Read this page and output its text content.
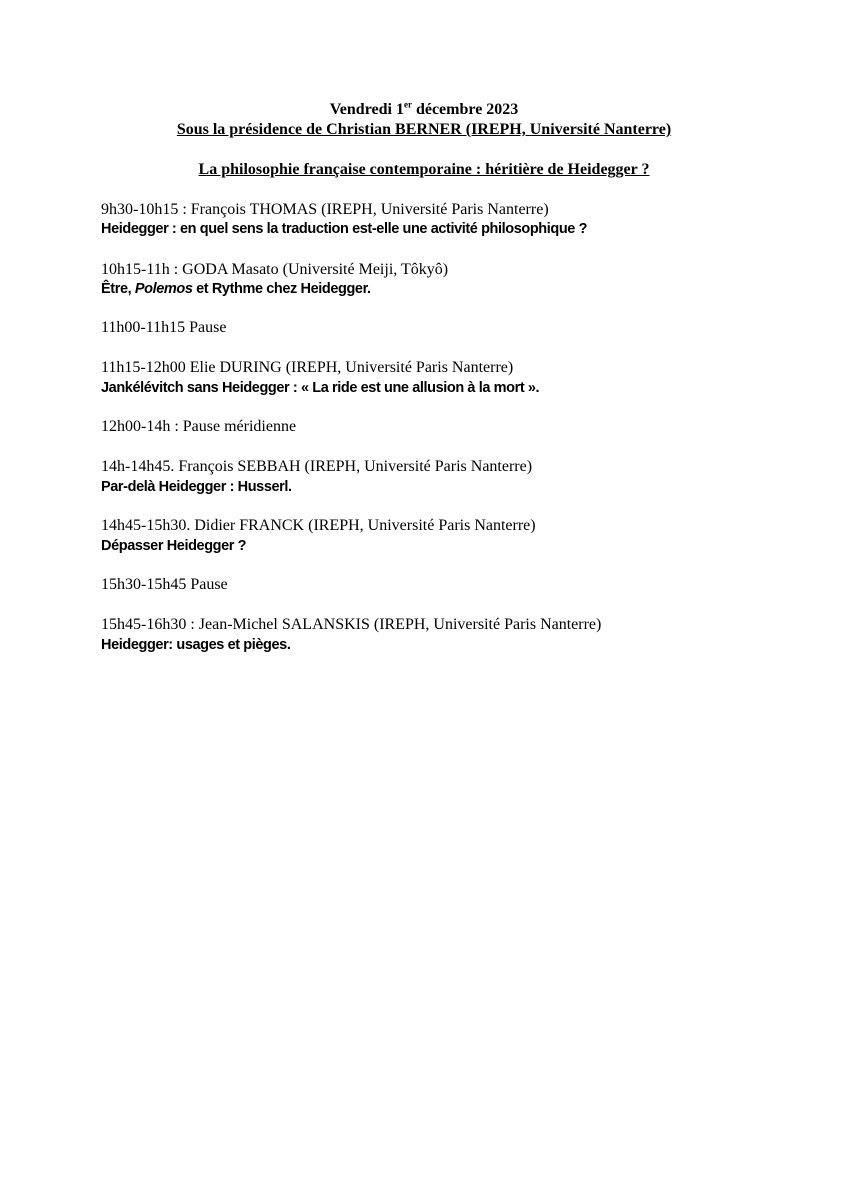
Vendredi 1er décembre 2023
Sous la présidence de Christian BERNER (IREPH, Université Nanterre)
La philosophie française contemporaine : héritière de Heidegger ?
9h30-10h15 : François THOMAS (IREPH, Université Paris Nanterre)
Heidegger : en quel sens la traduction est-elle une activité philosophique ?
10h15-11h : GODA Masato (Université Meiji, Tôkyô)
Être, Polemos et Rythme chez Heidegger.
11h00-11h15 Pause
11h15-12h00 Elie DURING (IREPH, Université Paris Nanterre)
Jankélévitch sans Heidegger : « La ride est une allusion à la mort ».
12h00-14h : Pause méridienne
14h-14h45. François SEBBAH (IREPH, Université Paris Nanterre)
Par-delà Heidegger : Husserl.
14h45-15h30. Didier FRANCK (IREPH, Université Paris Nanterre)
Dépasser Heidegger ?
15h30-15h45 Pause
15h45-16h30 : Jean-Michel SALANSKIS (IREPH, Université Paris Nanterre)
Heidegger: usages et pièges.
